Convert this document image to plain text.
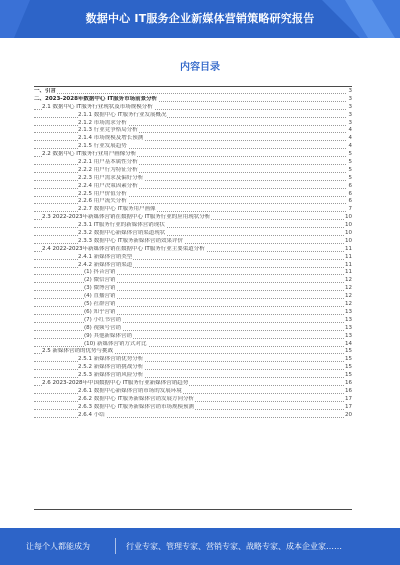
数据中心 IT服务企业新媒体营销策略研究报告
内容目录
一、引言	3
二、2023-2028年数据中心 IT服务市场前景分析	3
2.1 数据中心 IT服务行业现状及市场规模分析	3
2.1.1 数据中心 IT服务行业发展概况	3
2.1.2 市场需求分析	3
2.1.3 行业竞争格局分析	4
2.1.4 市场规模及增长预测	4
2.1.5 行业发展趋势	4
2.2 数据中心 IT服务行业用户画像分析	5
2.2.1 用户基本属性分析	5
2.2.2 用户行为特征分析	5
2.2.3 用户需求及偏好分析	5
2.2.4 用户决策因素分析	6
2.2.5 用户价值分析	6
2.2.6 用户流失分析	6
2.2.7 数据中心 IT服务用户画像	7
2.3 2022-2023年新媒体营销在数据中心 IT服务行业的应用现状分析	10
2.3.1 IT服务行业的新媒体营销现状	10
2.3.2 数据中心新媒体营销渠道现状	10
2.3.3 数据中心 IT服务新媒体营销效果评价	10
2.4 2022-2023年新媒体营销在数据中心 IT服务行业主要渠道分析	11
2.4.1 新媒体营销类型	11
2.4.2 新媒体营销渠道	11
(1) 抖音营销	11
(2) 微信营销	12
(3) 微博营销	12
(4) 直播营销	12
(5) 社群营销	12
(6) 知乎营销	13
(7) 小红书营销	13
(8) 视频号营销	13
(9) 其他新媒体营销	13
(10) 新媒体营销方式对比	14
2.5 新媒体营销的优势与挑战	15
2.5.1 新媒体营销优势分析	15
2.5.2 新媒体营销挑战分析	15
2.5.3 新媒体营销风险分析	15
2.6 2023-2028年中国数据中心 IT服务行业新媒体营销趋势	16
2.6.1 数据中心新媒体营销市场的发展环境	16
2.6.2 数据中心 IT服务新媒体营销发展方向分析	17
2.6.3 数据中心 IT服务新媒体营销市场规模预测	17
2.6.4 小结	20
让每个人都能成为	行业专家、管理专家、营销专家、战略专家、成本企业家……
